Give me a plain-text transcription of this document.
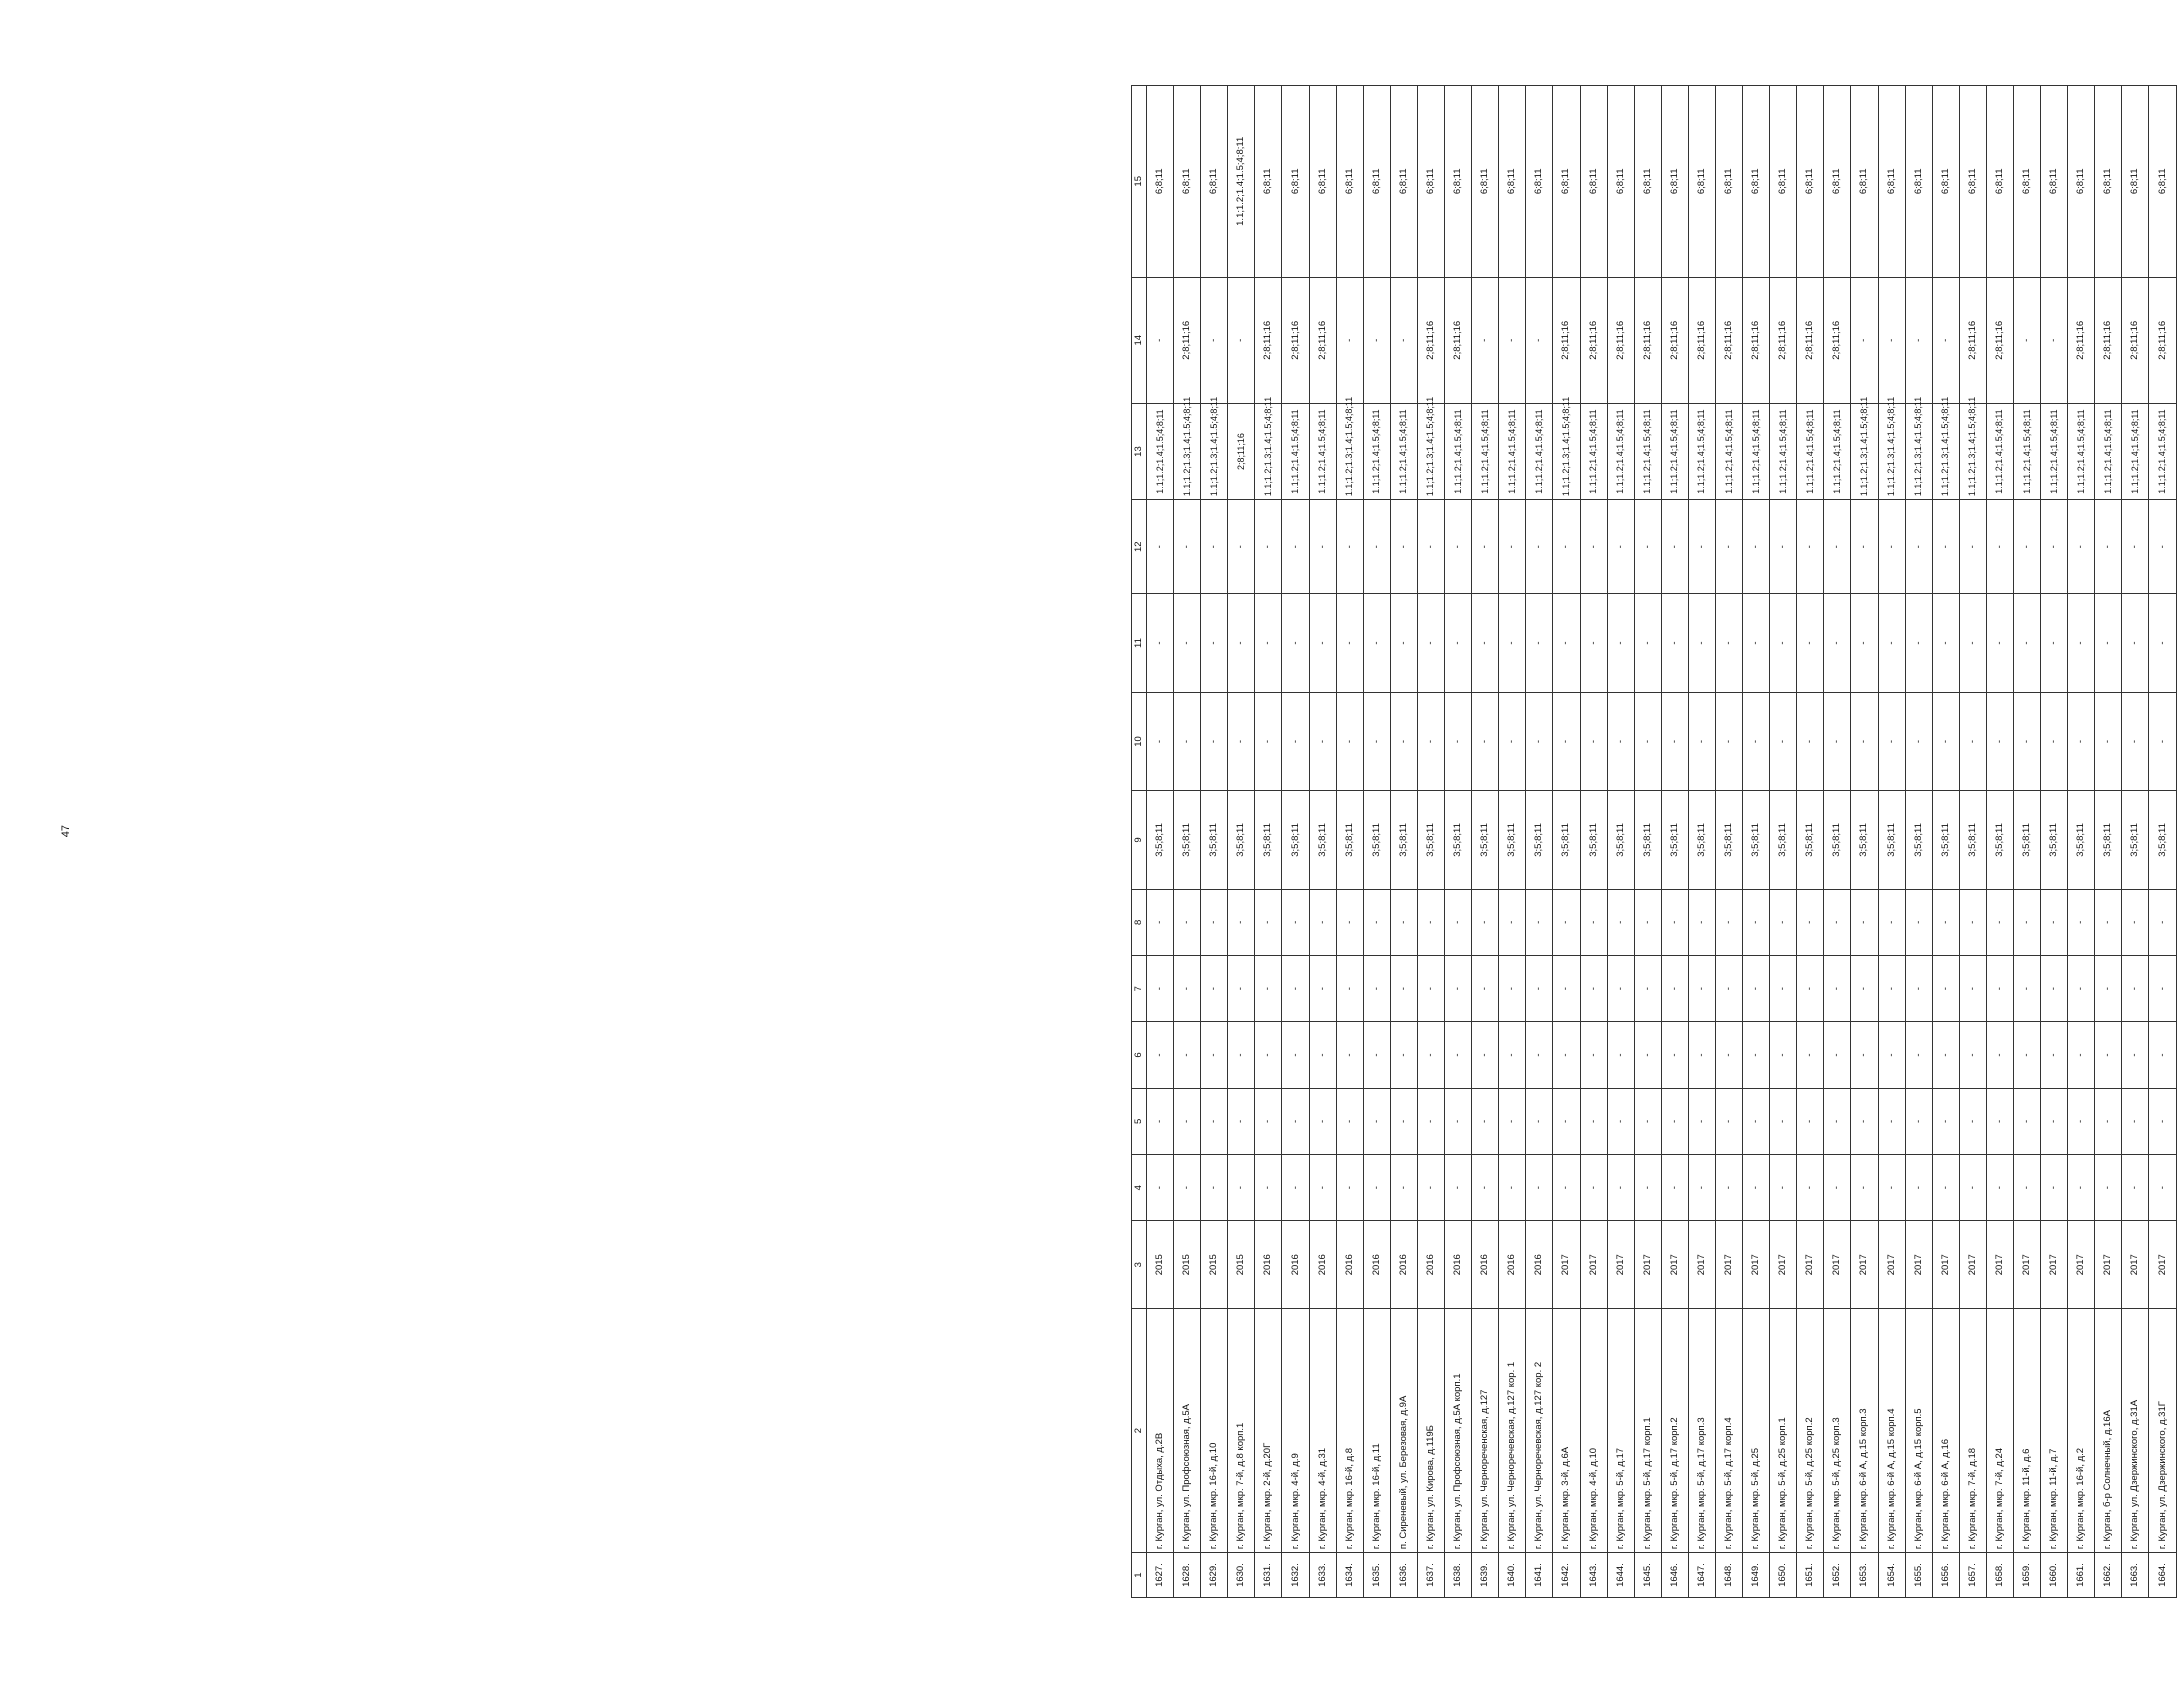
47
1	2	3	4	5	6	7	8	9	10	11	12	13	14	15
1627.	г. Курган, ул. Отдыха, д.2В	2015	-	-	-	-	-	3;5;8;11	-	-	-	1.1;1.2;1.4;1.5;4;8;11	-	6;8;11
1628.	г. Курган, ул. Профсоюзная, д.5А	2015	-	-	-	-	-	3;5;8;11	-	-	-	1.1;1.2;1.3;1.4;1.5;4;8;11	2;8;11;16	6;8;11
1629.	г. Курган, мкр. 16-й, д.10	2015	-	-	-	-	-	3;5;8;11	-	-	-	1.1;1.2;1.3;1.4;1.5;4;8;11	-	6;8;11
1630.	г. Курган, мкр. 7-й, д.8 корп.1	2015	-	-	-	-	-	3;5;8;11	-	-	-	2;8;11;16	-	1.1;1.2;1.4;1.5;4;8;11
1631.	г. Курган, мкр. 2-й, д.20Г	2016	-	-	-	-	-	3;5;8;11	-	-	-	1.1;1.2;1.3;1.4;1.5;4;8;11	2;8;11;16	6;8;11
1632.	г. Курган, мкр. 4-й, д.9	2016	-	-	-	-	-	3;5;8;11	-	-	-	1.1;1.2;1.4;1.5;4;8;11	2;8;11;16	6;8;11
1633.	г. Курган, мкр. 4-й, д.31	2016	-	-	-	-	-	3;5;8;11	-	-	-	1.1;1.2;1.4;1.5;4;8;11	2;8;11;16	6;8;11
1634.	г. Курган, мкр. 16-й, д.8	2016	-	-	-	-	-	3;5;8;11	-	-	-	1.1;1.2;1.3;1.4;1.5;4;8;11	-	6;8;11
1635.	г. Курган, мкр. 16-й, д.11	2016	-	-	-	-	-	3;5;8;11	-	-	-	1.1;1.2;1.4;1.5;4;8;11	-	6;8;11
1636.	п. Сиреневый, ул. Березовая, д.9А	2016	-	-	-	-	-	3;5;8;11	-	-	-	1.1;1.2;1.4;1.5;4;8;11	-	6;8;11
1637.	г. Курган, ул. Кирова, д.119Б	2016	-	-	-	-	-	3;5;8;11	-	-	-	1.1;1.2;1.3;1.4;1.5;4;8;11	2;8;11;16	6;8;11
1638.	г. Курган, ул. Профсоюзная, д.5А корп.1	2016	-	-	-	-	-	3;5;8;11	-	-	-	1.1;1.2;1.4;1.5;4;8;11	2;8;11;16	6;8;11
1639.	г. Курган, ул. Чернореченская, д.127	2016	-	-	-	-	-	3;5;8;11	-	-	-	1.1;1.2;1.4;1.5;4;8;11	-	6;8;11
1640.	г. Курган, ул. Черноречевская, д.127 кор. 1	2016	-	-	-	-	-	3;5;8;11	-	-	-	1.1;1.2;1.4;1.5;4;8;11	-	6;8;11
1641.	г. Курган, ул. Черноречевская, д.127 кор. 2	2016	-	-	-	-	-	3;5;8;11	-	-	-	1.1;1.2;1.4;1.5;4;8;11	-	6;8;11
1642.	г. Курган, мкр. 3-й, д.6А	2017	-	-	-	-	-	3;5;8;11	-	-	-	1.1;1.2;1.3;1.4;1.5;4;8;11	2;8;11;16	6;8;11
1643.	г. Курган, мкр. 4-й, д.10	2017	-	-	-	-	-	3;5;8;11	-	-	-	1.1;1.2;1.4;1.5;4;8;11	2;8;11;16	6;8;11
1644.	г. Курган, мкр. 5-й, д.17	2017	-	-	-	-	-	3;5;8;11	-	-	-	1.1;1.2;1.4;1.5;4;8;11	2;8;11;16	6;8;11
1645.	г. Курган, мкр. 5-й, д.17 корп.1	2017	-	-	-	-	-	3;5;8;11	-	-	-	1.1;1.2;1.4;1.5;4;8;11	2;8;11;16	6;8;11
1646.	г. Курган, мкр. 5-й, д.17 корп.2	2017	-	-	-	-	-	3;5;8;11	-	-	-	1.1;1.2;1.4;1.5;4;8;11	2;8;11;16	6;8;11
1647.	г. Курган, мкр. 5-й, д.17 корп.3	2017	-	-	-	-	-	3;5;8;11	-	-	-	1.1;1.2;1.4;1.5;4;8;11	2;8;11;16	6;8;11
1648.	г. Курган, мкр. 5-й, д.17 корп.4	2017	-	-	-	-	-	3;5;8;11	-	-	-	1.1;1.2;1.4;1.5;4;8;11	2;8;11;16	6;8;11
1649.	г. Курган, мкр. 5-й, д.25	2017	-	-	-	-	-	3;5;8;11	-	-	-	1.1;1.2;1.4;1.5;4;8;11	2;8;11;16	6;8;11
1650.	г. Курган, мкр. 5-й, д.25 корп.1	2017	-	-	-	-	-	3;5;8;11	-	-	-	1.1;1.2;1.4;1.5;4;8;11	2;8;11;16	6;8;11
1651.	г. Курган, мкр. 5-й, д.25 корп.2	2017	-	-	-	-	-	3;5;8;11	-	-	-	1.1;1.2;1.4;1.5;4;8;11	2;8;11;16	6;8;11
1652.	г. Курган, мкр. 5-й, д.25 корп.3	2017	-	-	-	-	-	3;5;8;11	-	-	-	1.1;1.2;1.4;1.5;4;8;11	2;8;11;16	6;8;11
1653.	г. Курган, мкр. 6-й А, д.15 корп.3	2017	-	-	-	-	-	3;5;8;11	-	-	-	1.1;1.2;1.3;1.4;1.5;4;8;11	-	6;8;11
1654.	г. Курган, мкр. 6-й А, д.15 корп.4	2017	-	-	-	-	-	3;5;8;11	-	-	-	1.1;1.2;1.3;1.4;1.5;4;8;11	-	6;8;11
1655.	г. Курган, мкр. 6-й А, д.15 корп.5	2017	-	-	-	-	-	3;5;8;11	-	-	-	1.1;1.2;1.3;1.4;1.5;4;8;11	-	6;8;11
1656.	г. Курган, мкр. 6-й А, д.16	2017	-	-	-	-	-	3;5;8;11	-	-	-	1.1;1.2;1.3;1.4;1.5;4;8;11	-	6;8;11
1657.	г. Курган, мкр. 7-й, д.18	2017	-	-	-	-	-	3;5;8;11	-	-	-	1.1;1.2;1.3;1.4;1.5;4;8;11	2;8;11;16	6;8;11
1658.	г. Курган, мкр. 7-й, д.24	2017	-	-	-	-	-	3;5;8;11	-	-	-	1.1;1.2;1.4;1.5;4;8;11	2;8;11;16	6;8;11
1659.	г. Курган, мкр. 11-й, д.6	2017	-	-	-	-	-	3;5;8;11	-	-	-	1.1;1.2;1.4;1.5;4;8;11	-	6;8;11
1660.	г. Курган, мкр. 11-й, д.7	2017	-	-	-	-	-	3;5;8;11	-	-	-	1.1;1.2;1.4;1.5;4;8;11	-	6;8;11
1661.	г. Курган, мкр. 16-й, д.2	2017	-	-	-	-	-	3;5;8;11	-	-	-	1.1;1.2;1.4;1.5;4;8;11	2;8;11;16	6;8;11
1662.	г. Курган, б-р Солнечный, д.16А	2017	-	-	-	-	-	3;5;8;11	-	-	-	1.1;1.2;1.4;1.5;4;8;11	2;8;11;16	6;8;11
1663.	г. Курган, ул. Дзержинского, д.31А	2017	-	-	-	-	-	3;5;8;11	-	-	-	1.1;1.2;1.4;1.5;4;8;11	2;8;11;16	6;8;11
1664.	г. Курган, ул. Дзержинского, д.31Г	2017	-	-	-	-	-	3;5;8;11	-	-	-	1.1;1.2;1.4;1.5;4;8;11	2;8;11;16	6;8;11
